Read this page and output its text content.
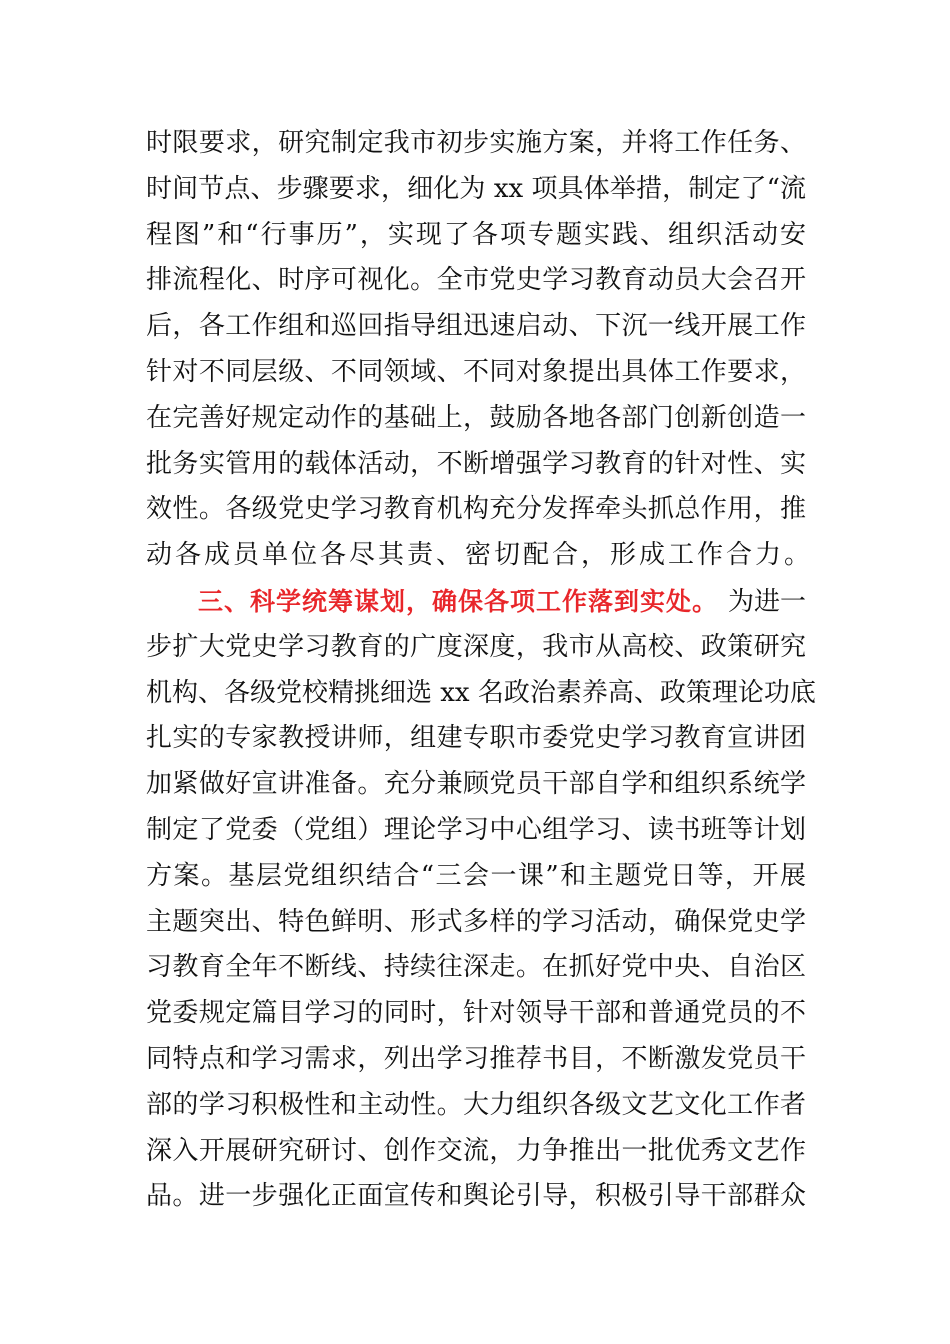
时限要求，研究制定我市初步实施方案，并将工作任务、
时间节点、步骤要求，细化为 xx 项具体举措，制定了“流
程图”和“行事历”，实现了各项专题实践、组织活动安
排流程化、时序可视化。全市党史学习教育动员大会召开
后，各工作组和巡回指导组迅速启动、下沉一线开展工作
针对不同层级、不同领域、不同对象提出具体工作要求，
在完善好规定动作的基础上，鼓励各地各部门创新创造一
批务实管用的载体活动，不断增强学习教育的针对性、实
效性。各级党史学习教育机构充分发挥牵头抓总作用，推
动各成员单位各尽其责、密切配合，形成工作合力。
三、科学统筹谋划，确保各项工作落到实处。 为进一
步扩大党史学习教育的广度深度，我市从高校、政策研究
机构、各级党校精挑细选 xx 名政治素养高、政策理论功底
扎实的专家教授讲师，组建专职市委党史学习教育宣讲团
加紧做好宣讲准备。充分兼顾党员干部自学和组织系统学
制定了党委（党组）理论学习中心组学习、读书班等计划
方案。基层党组织结合“三会一课”和主题党日等，开展
主题突出、特色鲜明、形式多样的学习活动，确保党史学
习教育全年不断线、持续往深走。在抓好党中央、自治区
党委规定篇目学习的同时，针对领导干部和普通党员的不
同特点和学习需求，列出学习推荐书目，不断激发党员干
部的学习积极性和主动性。大力组织各级文艺文化工作者
深入开展研究研讨、创作交流，力争推出一批优秀文艺作
品。进一步强化正面宣传和舆论引导，积极引导干部群众
